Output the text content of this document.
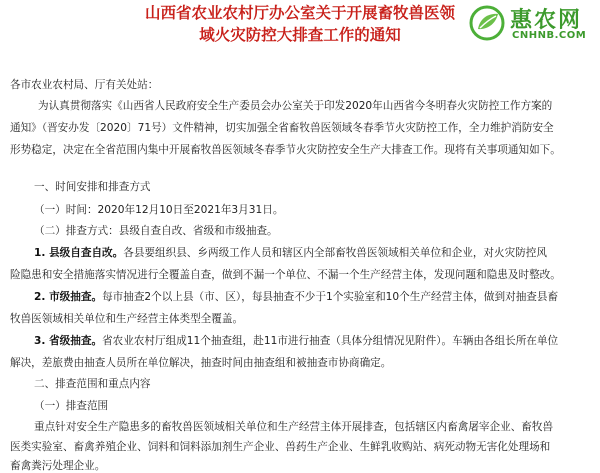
山西省农业农村厅办公室关于开展畜牧兽医领
域火灾防控大排查工作的通知
惠农网
CNHNB.COM
各市农业农村局、厅有关处站：
为认真贯彻落实《山西省人民政府安全生产委员会办公室关于印发2020年山西省今冬明春火灾防控工作方案的
通知》（晋安办发〔2020〕71号）文件精神，切实加强全省畜牧兽医领域冬春季节火灾防控工作，全力维护消防安全
形势稳定，决定在全省范围内集中开展畜牧兽医领域冬春季节火灾防控安全生产大排查工作。现将有关事项通知如下。
一、时间安排和排查方式
（一）时间：2020年12月10日至2021年3月31日。
（二）排查方式：县级自查自改、省级和市级抽查。
1. 县级自查自改。各县要组织县、乡两级工作人员和辖区内全部畜牧兽医领域相关单位和企业，对火灾防控风
险隐患和安全措施落实情况进行全覆盖自查，做到不漏一个单位、不漏一个生产经营主体，发现问题和隐患及时整改。
2. 市级抽查。每市抽查2个以上县（市、区），每县抽查不少于1个实验室和10个生产经营主体，做到对抽查县畜
牧兽医领域相关单位和生产经营主体类型全覆盖。
3. 省级抽查。省农业农村厅组成11个抽查组，赴11市进行抽查（具体分组情况见附件）。车辆由各组长所在单位
解决，差旅费由抽查人员所在单位解决，抽查时间由抽查组和被抽查市协商确定。
二、排查范围和重点内容
（一）排查范围
重点针对安全生产隐患多的畜牧兽医领域相关单位和生产经营主体开展排查，包括辖区内畜禽屠宰企业、畜牧兽
医类实验室、畜禽养殖企业、饲料和饲料添加剂生产企业、兽药生产企业、生鲜乳收购站、病死动物无害化处理场和
畜禽粪污处理企业。
